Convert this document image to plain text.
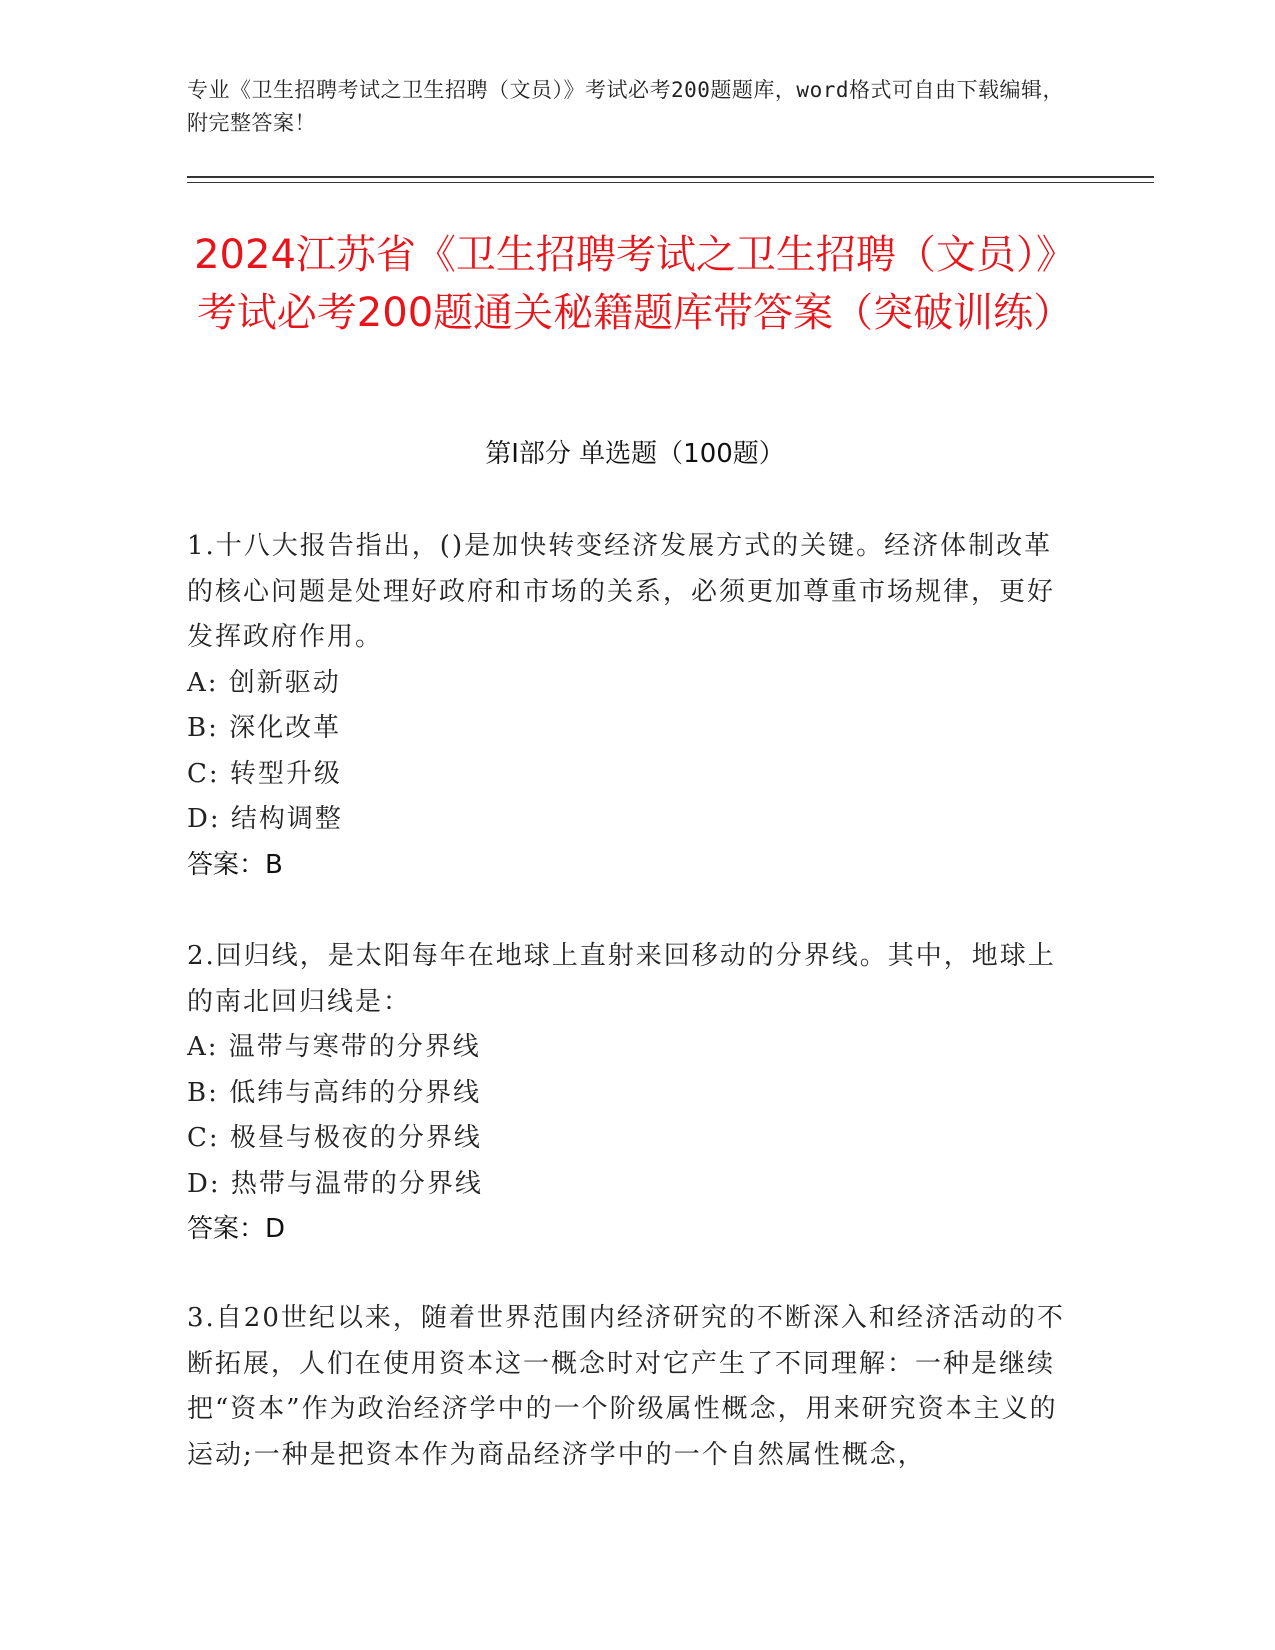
专业《卫生招聘考试之卫生招聘（文员）》考试必考200题题库，word格式可自由下载编辑，附完整答案！
2024江苏省《卫生招聘考试之卫生招聘（文员）》考试必考200题通关秘籍题库带答案（突破训练）
第I部分 单选题（100题）
1.十八大报告指出，()是加快转变经济发展方式的关键。经济体制改革的核心问题是处理好政府和市场的关系，必须更加尊重市场规律，更好发挥政府作用。
A: 创新驱动
B: 深化改革
C: 转型升级
D: 结构调整
答案：B
2.回归线，是太阳每年在地球上直射来回移动的分界线。其中，地球上的南北回归线是：
A: 温带与寒带的分界线
B: 低纬与高纬的分界线
C: 极昼与极夜的分界线
D: 热带与温带的分界线
答案：D
3.自20世纪以来，随着世界范围内经济研究的不断深入和经济活动的不断拓展，人们在使用资本这一概念时对它产生了不同理解：一种是继续把“资本”作为政治经济学中的一个阶级属性概念，用来研究资本主义的运动;一种是把资本作为商品经济学中的一个自然属性概念，
